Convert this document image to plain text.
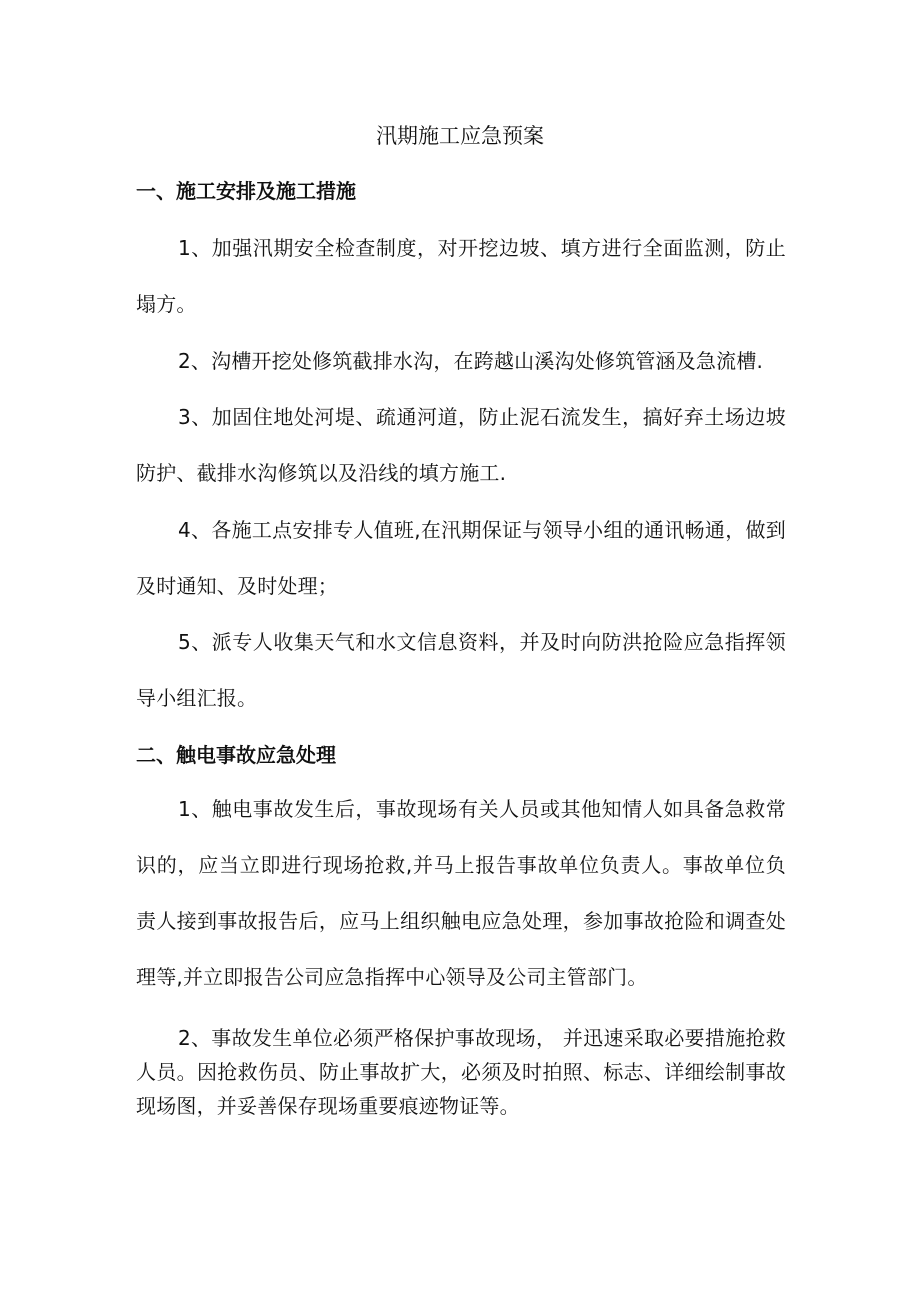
汛期施工应急预案
一、施工安排及施工措施

1、加强汛期安全检查制度，对开挖边坡、填方进行全面监测，防止塌方。

2、沟槽开挖处修筑截排水沟，在跨越山溪沟处修筑管涵及急流槽.

3、加固住地处河堤、疏通河道，防止泥石流发生，搞好弃土场边坡防护、截排水沟修筑以及沿线的填方施工.

4、各施工点安排专人值班,在汛期保证与领导小组的通讯畅通，做到及时通知、及时处理；

5、派专人收集天气和水文信息资料，并及时向防洪抢险应急指挥领导小组汇报。

二、触电事故应急处理

1、触电事故发生后，事故现场有关人员或其他知情人如具备急救常识的，应当立即进行现场抢救,并马上报告事故单位负责人。事故单位负责人接到事故报告后，应马上组织触电应急处理，参加事故抢险和调查处理等,并立即报告公司应急指挥中心领导及公司主管部门。

2、事故发生单位必须严格保护事故现场， 并迅速采取必要措施抢救人员。因抢救伤员、防止事故扩大，必须及时拍照、标志、详细绘制事故现场图，并妥善保存现场重要痕迹物证等。
